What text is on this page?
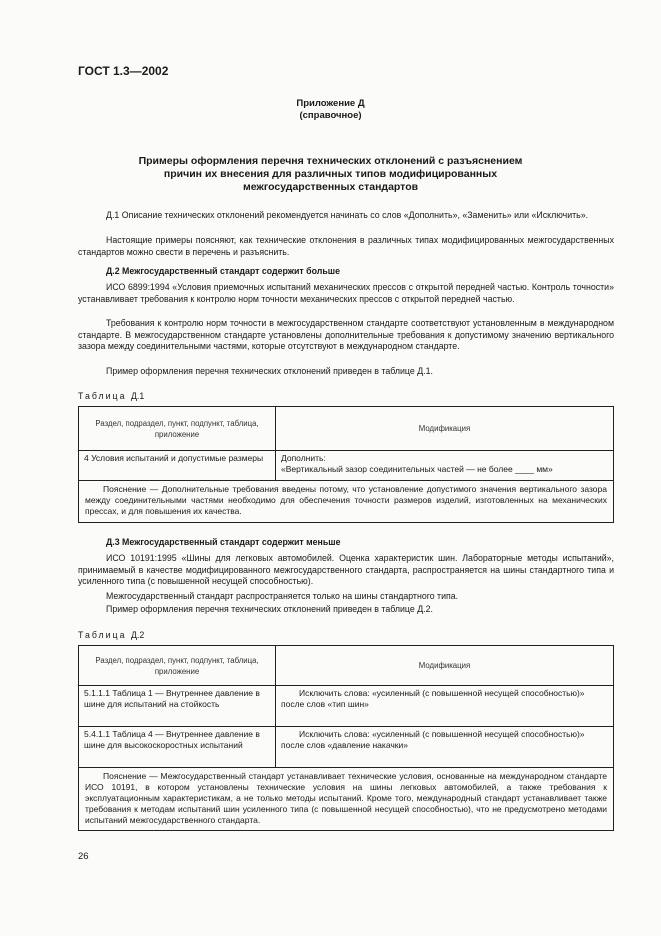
ГОСТ 1.3—2002
Приложение Д
(справочное)
Примеры оформления перечня технических отклонений с разъяснением
причин их внесения для различных типов модифицированных
межгосударственных стандартов
Д.1 Описание технических отклонений рекомендуется начинать со слов «Дополнить», «Заменить» или «Исключить».
Настоящие примеры поясняют, как технические отклонения в различных типах модифицированных межгосударственных стандартов можно свести в перечень и разъяснить.
Д.2 Межгосударственный стандарт содержит больше
ИСО 6899:1994 «Условия приемочных испытаний механических прессов с открытой передней частью. Контроль точности» устанавливает требования к контролю норм точности механических прессов с открытой передней частью.
Требования к контролю норм точности в межгосударственном стандарте соответствуют установленным в международном стандарте. В межгосударственном стандарте установлены дополнительные требования к допустимому значению вертикального зазора между соединительными частями, которые отсутствуют в международном стандарте.
Пример оформления перечня технических отклонений приведен в таблице Д.1.
Таблица Д.1
Раздел, подраздел, пункт, подпункт, таблица, приложение	Модификация
4 Условия испытаний и допустимые размеры	Дополнить:
«Вертикальный зазор соединительных частей — не более ____ мм»

Пояснение — Дополнительные требования введены потому, что установление допустимого значения вертикального зазора между соединительными частями необходимо для обеспечения точности размеров изделий, изготовленных на механических прессах, и для повышения их качества.	
Д.3 Межгосударственный стандарт содержит меньше
ИСО 10191:1995 «Шины для легковых автомобилей. Оценка характеристик шин. Лабораторные методы испытаний», принимаемый в качестве модифицированного межгосударственного стандарта, распространяется на шины стандартного типа и усиленного типа (с повышенной несущей способностью).
Межгосударственный стандарт распространяется только на шины стандартного типа.
Пример оформления перечня технических отклонений приведен в таблице Д.2.
Таблица Д.2
Раздел, подраздел, пункт, подпункт, таблица, приложение	Модификация
5.1.1.1 Таблица 1 — Внутреннее давление в шине для испытаний на стойкость	Исключить слова: «усиленный (с повышенной несущей способностью)» после слов «тип шин»
5.4.1.1 Таблица 4 — Внутреннее давление в шине для высокоскоростных испытаний	Исключить слова: «усиленный (с повышенной несущей способностью)» после слов «давление накачки»
Пояснение — Межгосударственный стандарт устанавливает технические условия, основанные на международном стандарте ИСО 10191, в котором установлены технические условия на шины легковых автомобилей, а также требования к эксплуатационным характеристикам, а не только методы испытаний. Кроме того, международный стандарт устанавливает также требования к методам испытаний шин усиленного типа (с повышенной несущей способностью), что не предусмотрено методами испытаний межгосударственного стандарта.	
26
